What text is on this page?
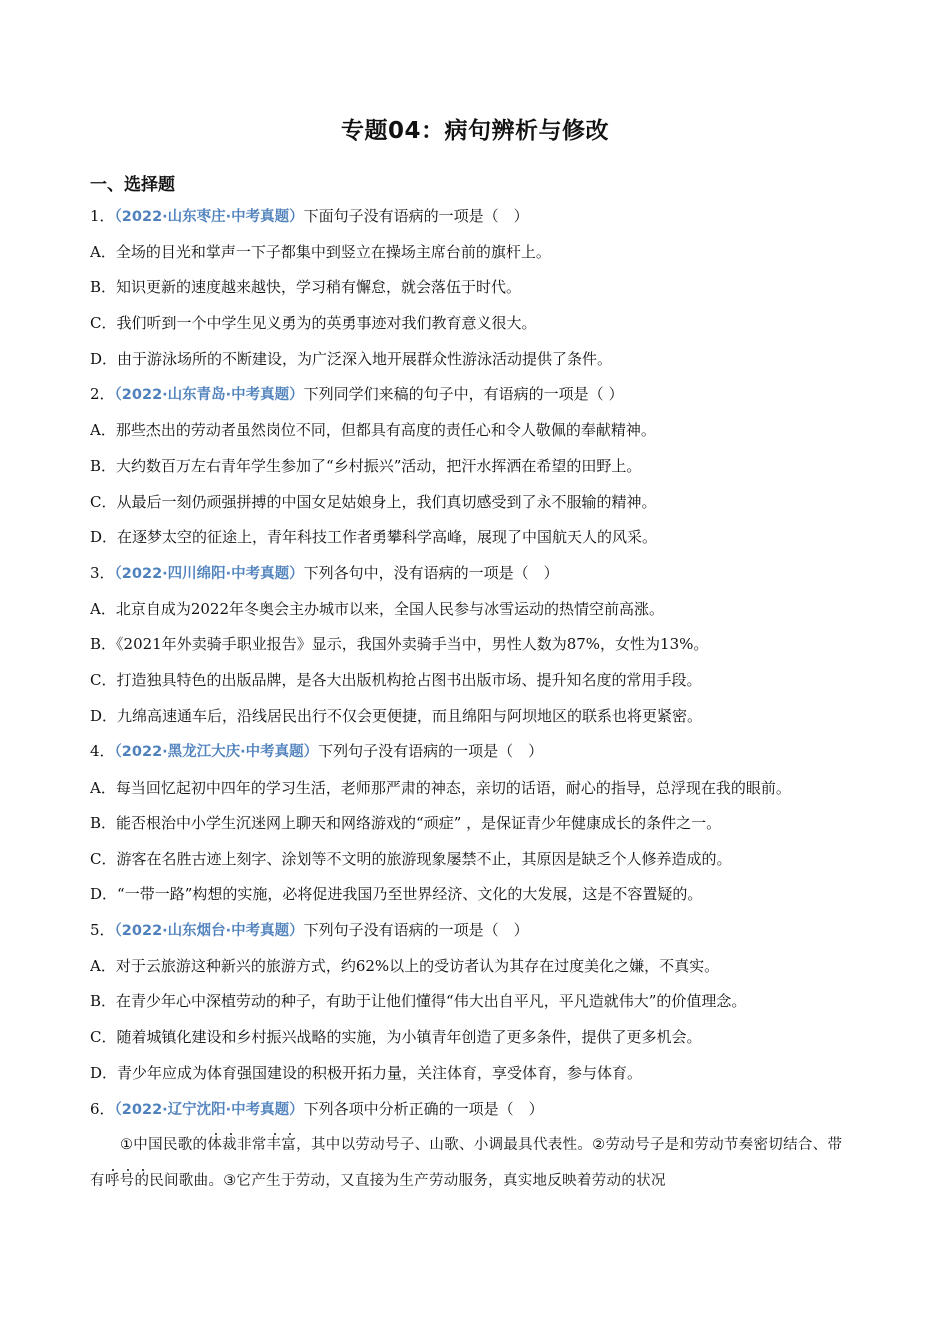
专题04：病句辨析与修改
一、选择题
1．（2022·山东枣庄·中考真题）下面句子没有语病的一项是（　）
A．全场的目光和掌声一下子都集中到竖立在操场主席台前的旗杆上。
B．知识更新的速度越来越快，学习稍有懈怠，就会落伍于时代。
C．我们听到一个中学生见义勇为的英勇事迹对我们教育意义很大。
D．由于游泳场所的不断建设，为广泛深入地开展群众性游泳活动提供了条件。
2．（2022·山东青岛·中考真题）下列同学们来稿的句子中，有语病的一项是（ ）
A．那些杰出的劳动者虽然岗位不同，但都具有高度的责任心和令人敬佩的奉献精神。
B．大约数百万左右青年学生参加了“乡村振兴”活动，把汗水挥洒在希望的田野上。
C．从最后一刻仍顽强拼搏的中国女足姑娘身上，我们真切感受到了永不服输的精神。
D．在逐梦太空的征途上，青年科技工作者勇攀科学高峰，展现了中国航天人的风采。
3．（2022·四川绵阳·中考真题）下列各句中，没有语病的一项是（　）
A．北京自成为2022年冬奥会主办城市以来，全国人民参与冰雪运动的热情空前高涨。
B．《2021年外卖骑手职业报告》显示，我国外卖骑手当中，男性人数为87%，女性为13%。
C．打造独具特色的出版品牌，是各大出版机构抢占图书出版市场、提升知名度的常用手段。
D．九绵高速通车后，沿线居民出行不仅会更便捷，而且绵阳与阿坝地区的联系也将更紧密。
4．（2022·黑龙江大庆·中考真题）下列句子没有语病的一项是（　）
A．每当回忆起初中四年的学习生活，老师那严肃的神态，亲切的话语，耐心的指导，总浮现在我的眼前。
B．能否根治中小学生沉迷网上聊天和网络游戏的“顽症” ，是保证青少年健康成长的条件之一。
C．游客在名胜古迹上刻字、涂划等不文明的旅游现象屡禁不止，其原因是缺乏个人修养造成的。
D．“一带一路”构想的实施，必将促进我国乃至世界经济、文化的大发展，这是不容置疑的。
5．（2022·山东烟台·中考真题）下列句子没有语病的一项是（　）
A．对于云旅游这种新兴的旅游方式，约62%以上的受访者认为其存在过度美化之嫌，不真实。
B．在青少年心中深植劳动的种子，有助于让他们懂得“伟大出自平凡，平凡造就伟大”的价值理念。
C．随着城镇化建设和乡村振兴战略的实施，为小镇青年创造了更多条件，提供了更多机会。
D．青少年应成为体育强国建设的积极开拓力量，关注体育，享受体育，参与体育。
6．（2022·辽宁沈阳·中考真题）下列各项中分析正确的一项是（　）
①中国民歌的体裁非常丰富，其中以劳动号子、山歌、小调最具代表性。②劳动号子是和劳动节奏密切结合、带有呼号的民间歌曲。③它产生于劳动，又直接为生产劳动服务，真实地反映着劳动的状况
